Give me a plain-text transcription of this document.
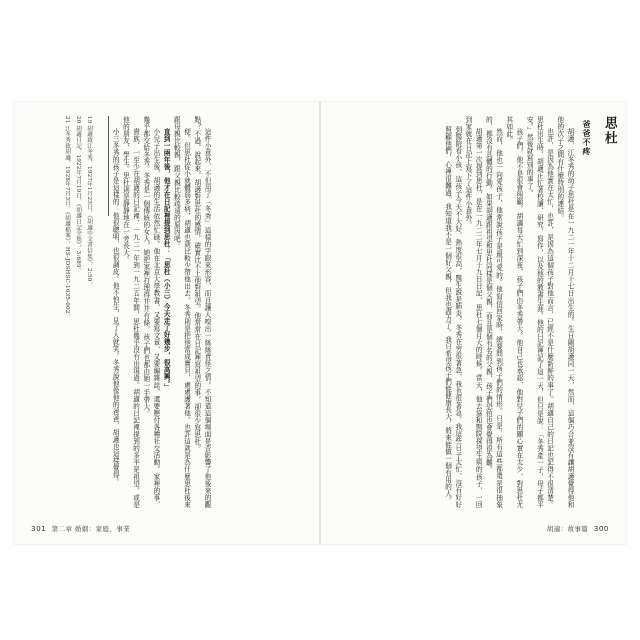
這件小意外，不但用了「冬秀」這樣的字眼來形容，而且讓人嗅出一絲絲責怪之情。不知道這個場面是否影響了他後來的觀點？不過，說起來，胡適對思杜的感情，確實比不上他對祖望。他常常在日記裡寫祖望的事，卻很少寫思杜。

便。但思杜從小就體弱多病，胡適也就比較少帶他出去。冬秀則是把他當成寶貝，處處護著他。也許這就是為什麼思杜後來跟母親比較親，跟父親比較疏遠的原因吧。

直到一兩年後，他才在日記裡提到思杜：「思杜（小三）今天走了好幾步，很高興。」

小兒子出生後，胡適的生活依然忙碌。他在北京大學教書，又要寫文章，又要編雜誌，還要應付各種社交活動。家裡的事，幾乎都交給冬秀。冬秀是一個傳統的女人，她把家裡打理得井井有條，孩子們也都由她一手帶大。

貴族、一至少在胡適的日記裡，一九二一年到一九二五年間，思杜幾乎沒有出現過。胡適的日記裡提到的多半是祖望，或是他的朋友、學生。思杜則是靜靜地在一旁長大。

小三冬秀的孩子是這樣的：他很聰明，也很調皮。他不怕生，見了人就笑。冬秀說他像他的爸爸，胡適也這樣覺得。

19 胡適致江冬秀，1927年1月23日，《胡適中文書信集》，2:50。
20 胡適日記，1922年7月19日，《胡適日記全集》，3:689。
21 江冬秀致胡適，1928年7月3日，《胡適檔案》，HS-JDSHSC-1635-002。
301 第二章 婚姻：家庭、事業
思杜
爸爸不疼

胡適，江冬秀的幼子思杜是在一九二一年十二月十七日出生的。生日剛胡適同一天，然而，這個巧合並沒有讓胡適覺得他和他的次子之間有什麼特別的連結。

也許，是因為他實在太忙，也許，是因為這個孩子對他而言，已經不是什麼新鮮的事了。胡適自己的日記也記得不很清楚。思杜出生時，胡適正忙著校讀、研究、寫作，以及他的教書生涯。他的日記裡記了這一天，但只是說：「冬秀產一子，母子都平安。」然後就寫別的事了。

孩子們，他不是很會照顧。胡適每天忙到深夜，孩子們由冬秀帶大。他自己也承認，他對兒子們的關心實在太少，對思杜尤其如此。

然而，他也一向愛孩子，他常說孩子是最可愛的。他寫信回家時，總要問到孩子們的情形。只是，所有這些都還是很抽象的，都沒有具體的行動。如果胡適跟祖望和思杜同樣是個父親，而且是個有名的父親，孩子們恐怕也會覺得很為難。

胡適第一次提到思杜，是在一九二二年七月十九日日記，思杜七個月大的時候。當天，他去協和醫院探望生病的孩子，一回到家就在日記上寫下了這件小意外。

到醫院看小孩，這孩子今天不大好，熱度很高，醫生說是肺炎。冬秀在旁很著急，我也很著急。我這些日子太忙，沒有好好照顧他們，心裡很難過。我知道我不是一個好父親，但我也盡力了。我只希望孩子們能健康長大，將來能做一個有用的人。

胡適：故事篇 300
